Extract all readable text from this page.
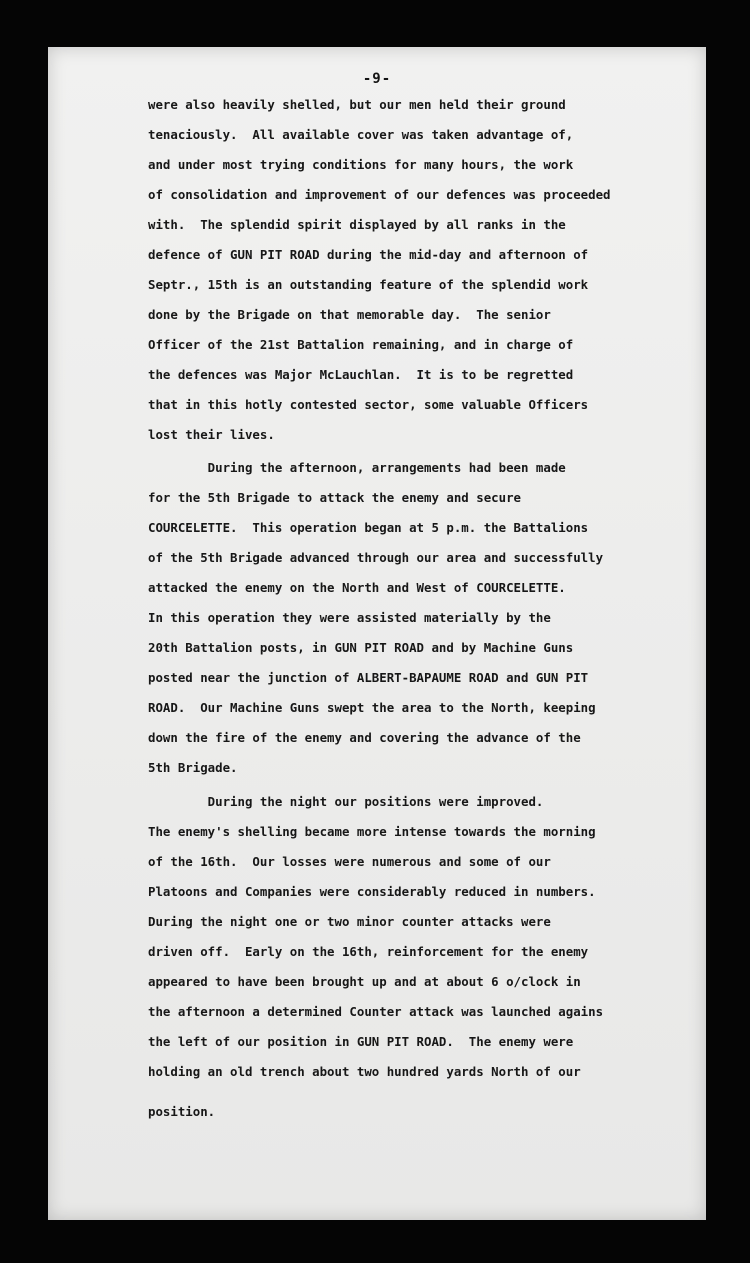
-9-
were also heavily shelled, but our men held their ground
tenaciously.  All available cover was taken advantage of,
and under most trying conditions for many hours, the work
of consolidation and improvement of our defences was proceeded
with.  The splendid spirit displayed by all ranks in the
defence of GUN PIT ROAD during the mid-day and afternoon of
Septr., 15th is an outstanding feature of the splendid work
done by the Brigade on that memorable day.  The senior
Officer of the 21st Battalion remaining, and in charge of
the defences was Major McLauchlan.  It is to be regretted
that in this hotly contested sector, some valuable Officers
lost their lives.
During the afternoon, arrangements had been made
for the 5th Brigade to attack the enemy and secure
COURCELETTE.  This operation began at 5 p.m. the Battalions
of the 5th Brigade advanced through our area and successfully
attacked the enemy on the North and West of COURCELETTE.
In this operation they were assisted materially by the
20th Battalion posts, in GUN PIT ROAD and by Machine Guns
posted near the junction of ALBERT-BAPAUME ROAD and GUN PIT
ROAD.  Our Machine Guns swept the area to the North, keeping
down the fire of the enemy and covering the advance of the
5th Brigade.
During the night our positions were improved.
The enemy's shelling became more intense towards the morning
of the 16th.  Our losses were numerous and some of our
Platoons and Companies were considerably reduced in numbers.
During the night one or two minor counter attacks were
driven off.  Early on the 16th, reinforcement for the enemy
appeared to have been brought up and at about 6 o/clock in
the afternoon a determined Counter attack was launched agains
the left of our position in GUN PIT ROAD.  The enemy were
holding an old trench about two hundred yards North of our
position.
